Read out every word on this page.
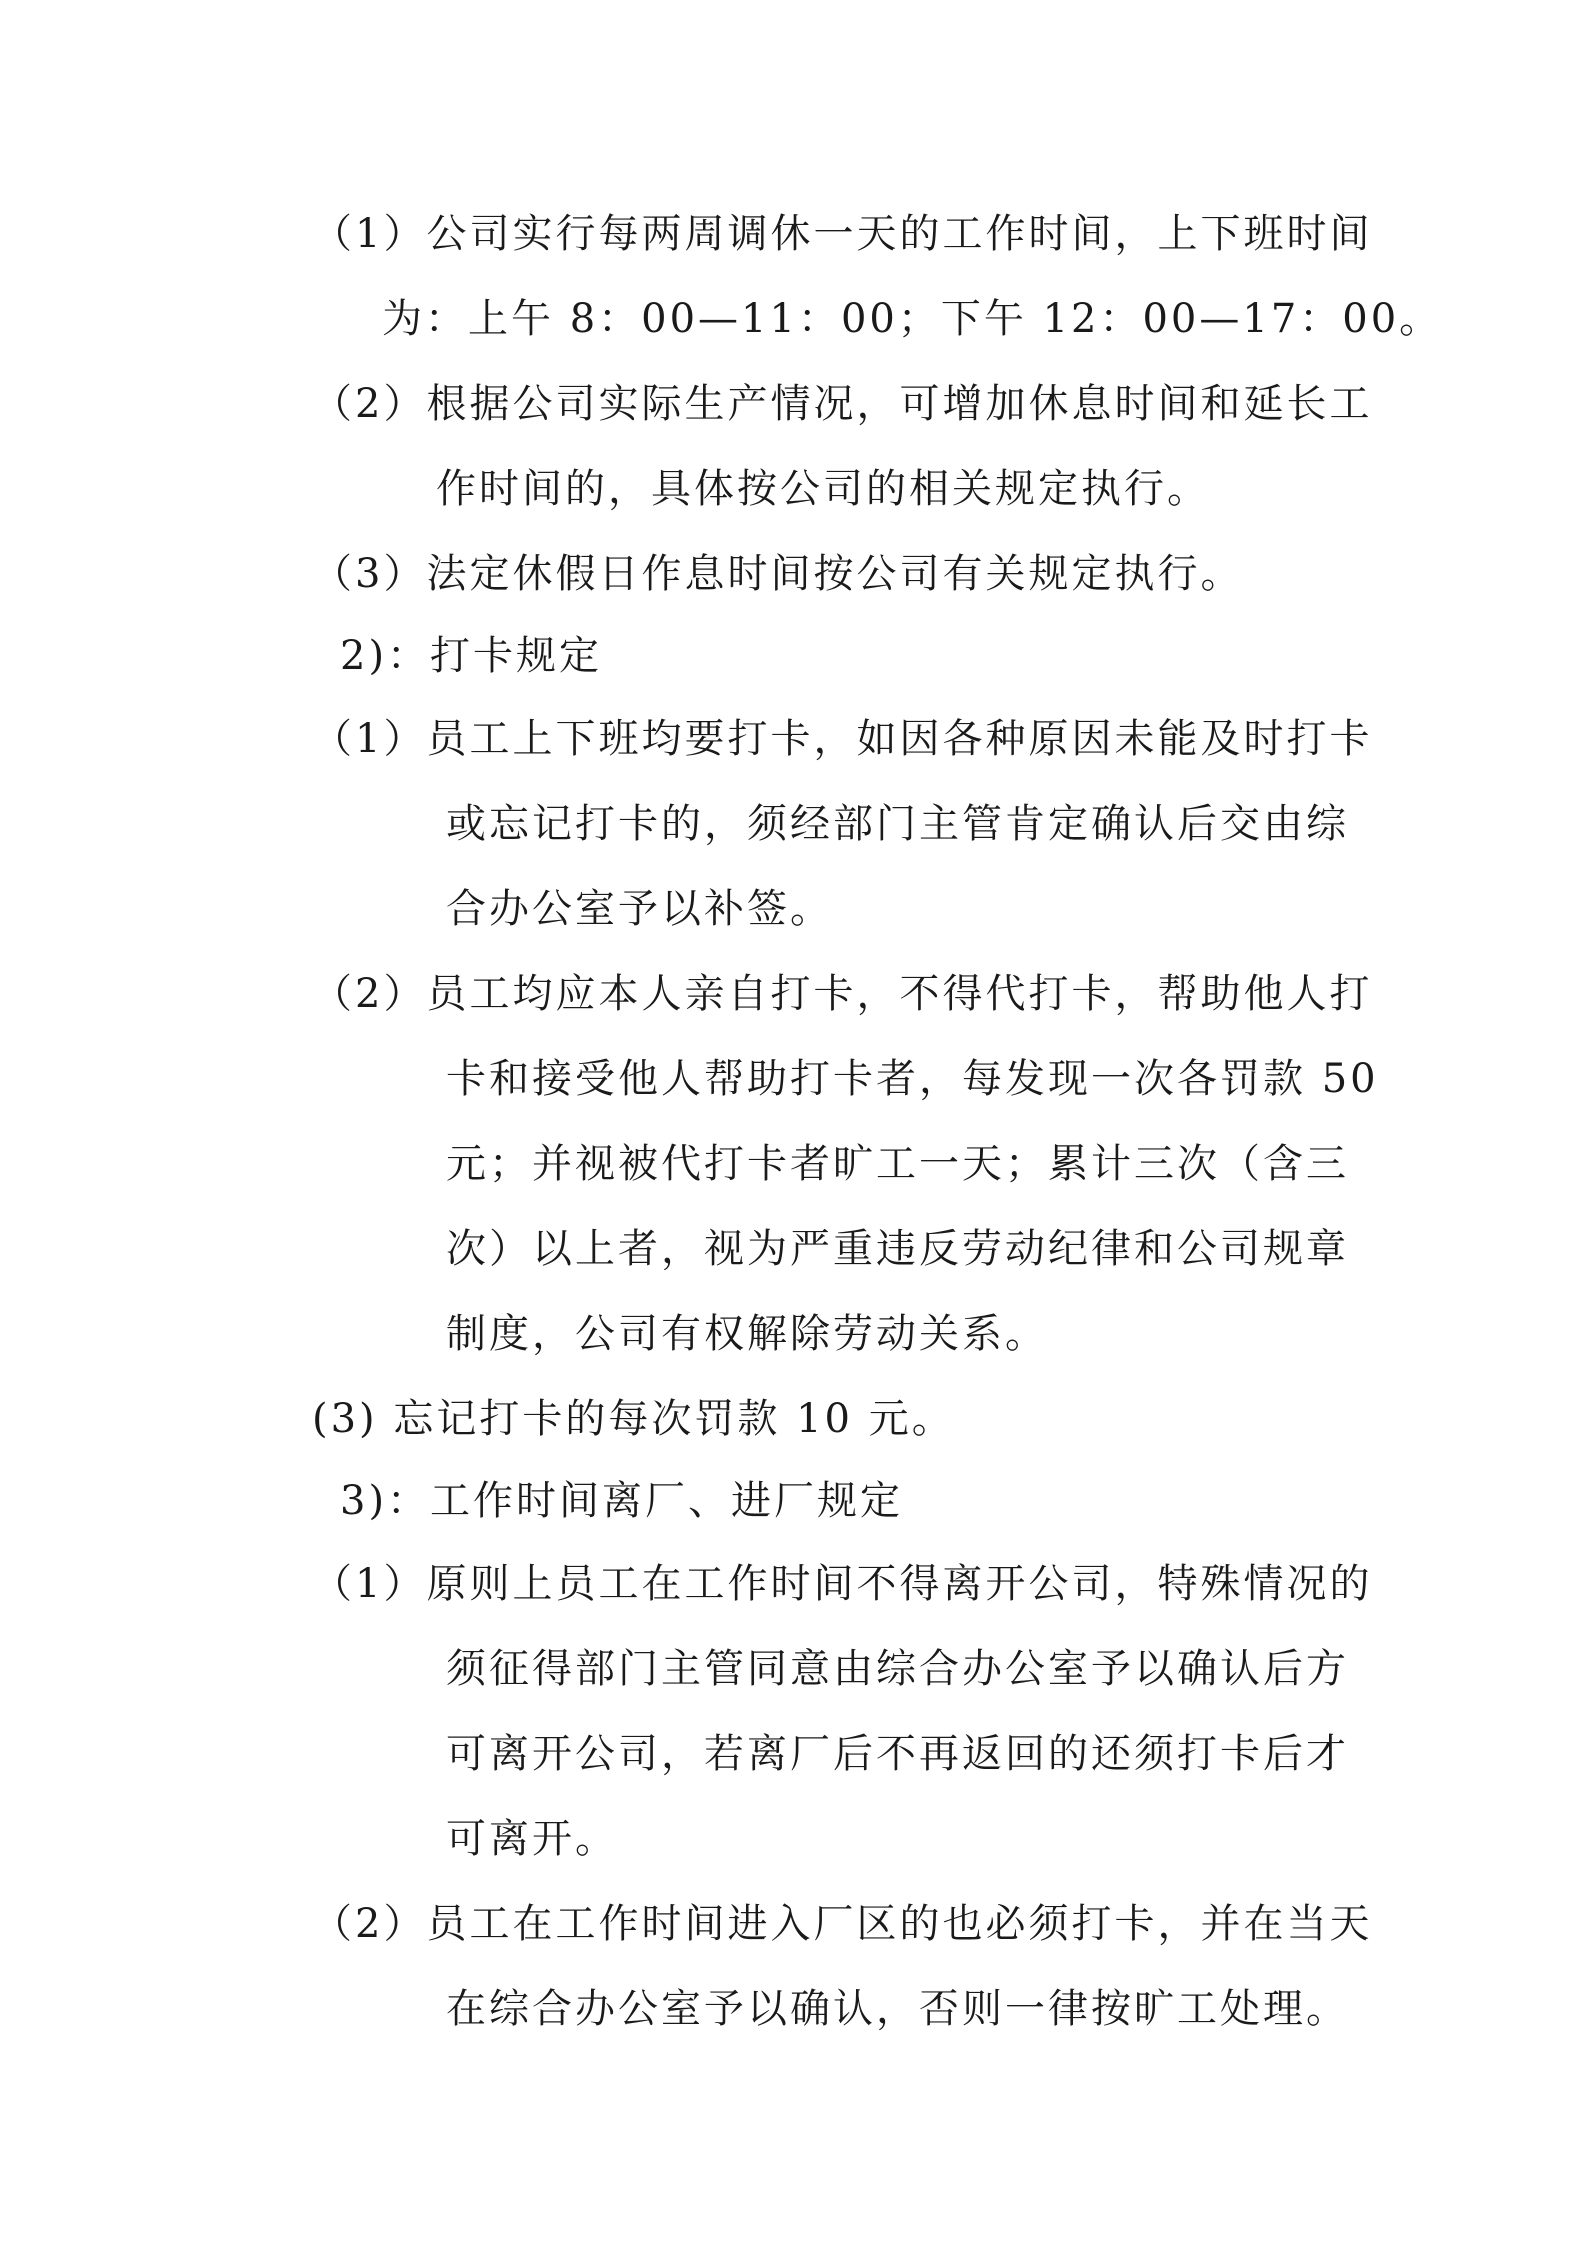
（1）公司实行每两周调休一天的工作时间，上下班时间
为：上午 8：00—11：00；下午 12：00—17：00。
（2）根据公司实际生产情况，可增加休息时间和延长工
作时间的，具体按公司的相关规定执行。
（3）法定休假日作息时间按公司有关规定执行。
2)：打卡规定
（1）员工上下班均要打卡，如因各种原因未能及时打卡
或忘记打卡的，须经部门主管肯定确认后交由综
合办公室予以补签。
（2）员工均应本人亲自打卡，不得代打卡，帮助他人打
卡和接受他人帮助打卡者，每发现一次各罚款 50
元；并视被代打卡者旷工一天；累计三次（含三
次）以上者，视为严重违反劳动纪律和公司规章
制度，公司有权解除劳动关系。
(3) 忘记打卡的每次罚款 10 元。
3)：工作时间离厂、进厂规定
（1）原则上员工在工作时间不得离开公司，特殊情况的
须征得部门主管同意由综合办公室予以确认后方
可离开公司，若离厂后不再返回的还须打卡后才
可离开。
（2）员工在工作时间进入厂区的也必须打卡，并在当天
在综合办公室予以确认，否则一律按旷工处理。
